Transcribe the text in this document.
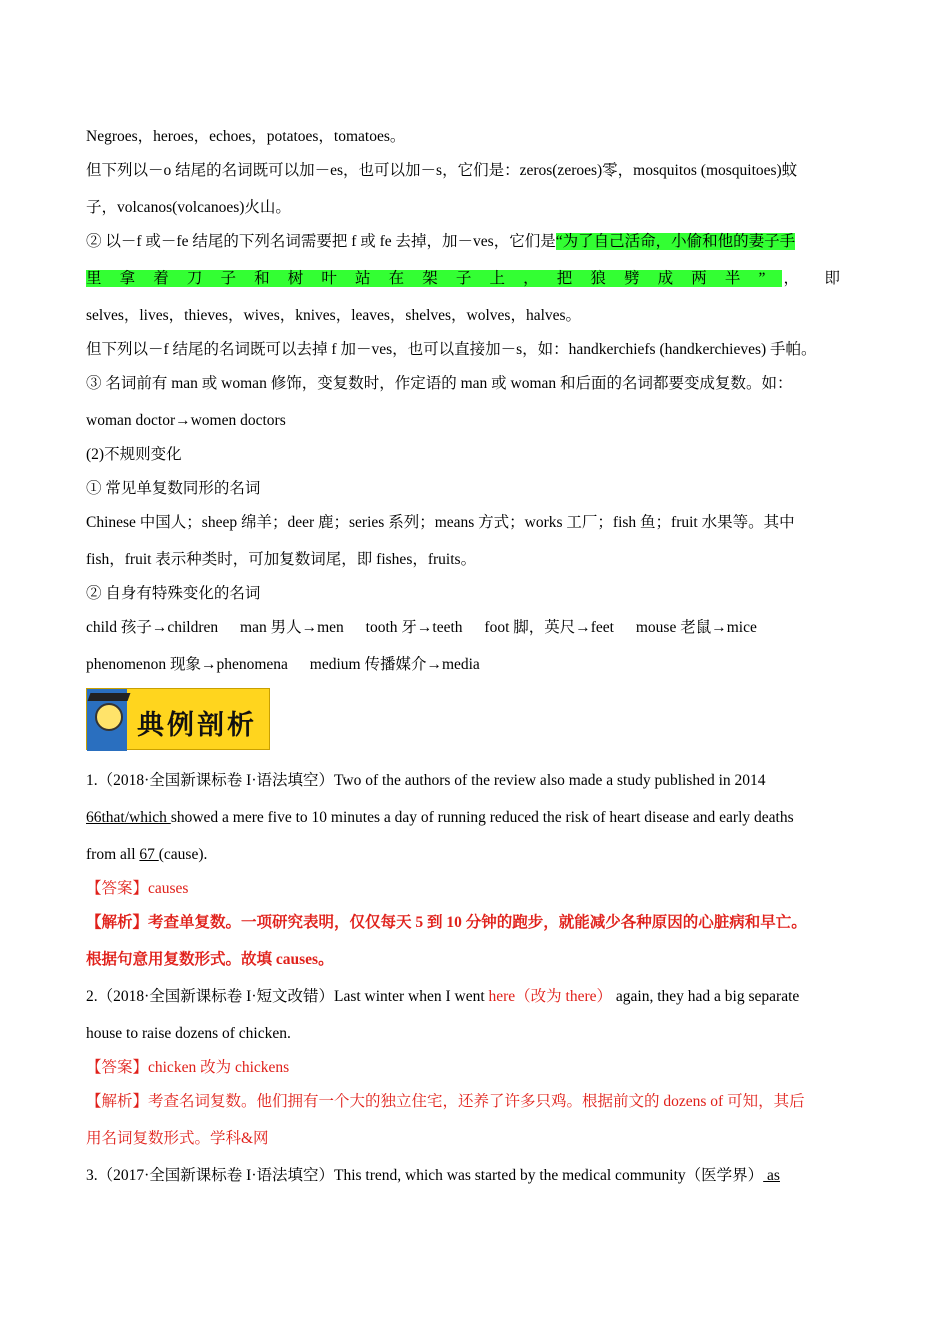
Negroes，heroes，echoes，potatoes，tomatoes。

但下列以－o 结尾的名词既可以加－es，也可以加－s，它们是：zeros(zeroes)零，mosquitos (mosquitoes)蚊

子，volcanos(volcanoes)火山。

② 以－f 或－fe 结尾的下列名词需要把 f 或 fe 去掉，加－ves，它们是“为了自己活命，小偷和他的妻子手

里拿着刀子和树叶站在架子上，把狼劈成两半”，即

selves，lives，thieves，wives，knives，leaves，shelves，wolves，halves。

但下列以－f 结尾的名词既可以去掉 f 加－ves，也可以直接加－s，如：handkerchiefs (handkerchieves) 手帕。

③ 名词前有 man 或 woman 修饰，变复数时，作定语的 man 或 woman 和后面的名词都要变成复数。如：

woman doctor→women doctors

(2)不规则变化

① 常见单复数同形的名词

Chinese 中国人；sheep 绵羊；deer 鹿；series 系列；means 方式；works 工厂；fish 鱼；fruit 水果等。其中

fish，fruit 表示种类时，可加复数词尾，即 fishes，fruits。

② 自身有特殊变化的名词

child 孩子→children man 男人→men tooth 牙→teeth foot 脚，英尺→feet mouse 老鼠→mice

phenomenon 现象→phenomena medium 传播媒介→media

典例剖析

1.（2018·全国新课标卷 I·语法填空）Two of the authors of the review also made a study published in 2014

66that/which showed a mere five to 10 minutes a day of running reduced the risk of heart disease and early deaths

from all 67 (cause).

【答案】causes

【解析】考查单复数。一项研究表明，仅仅每天 5 到 10 分钟的跑步，就能减少各种原因的心脏病和早亡。

根据句意用复数形式。故填 causes。

2.（2018·全国新课标卷 I·短文改错）Last winter when I went here（改为 there） again, they had a big separate

house to raise dozens of chicken.

【答案】chicken 改为 chickens

【解析】考查名词复数。他们拥有一个大的独立住宅，还养了许多只鸡。根据前文的 dozens of 可知，其后

用名词复数形式。学科&网

3.（2017·全国新课标卷 I·语法填空）This trend, which was started by the medical community（医学界） as
